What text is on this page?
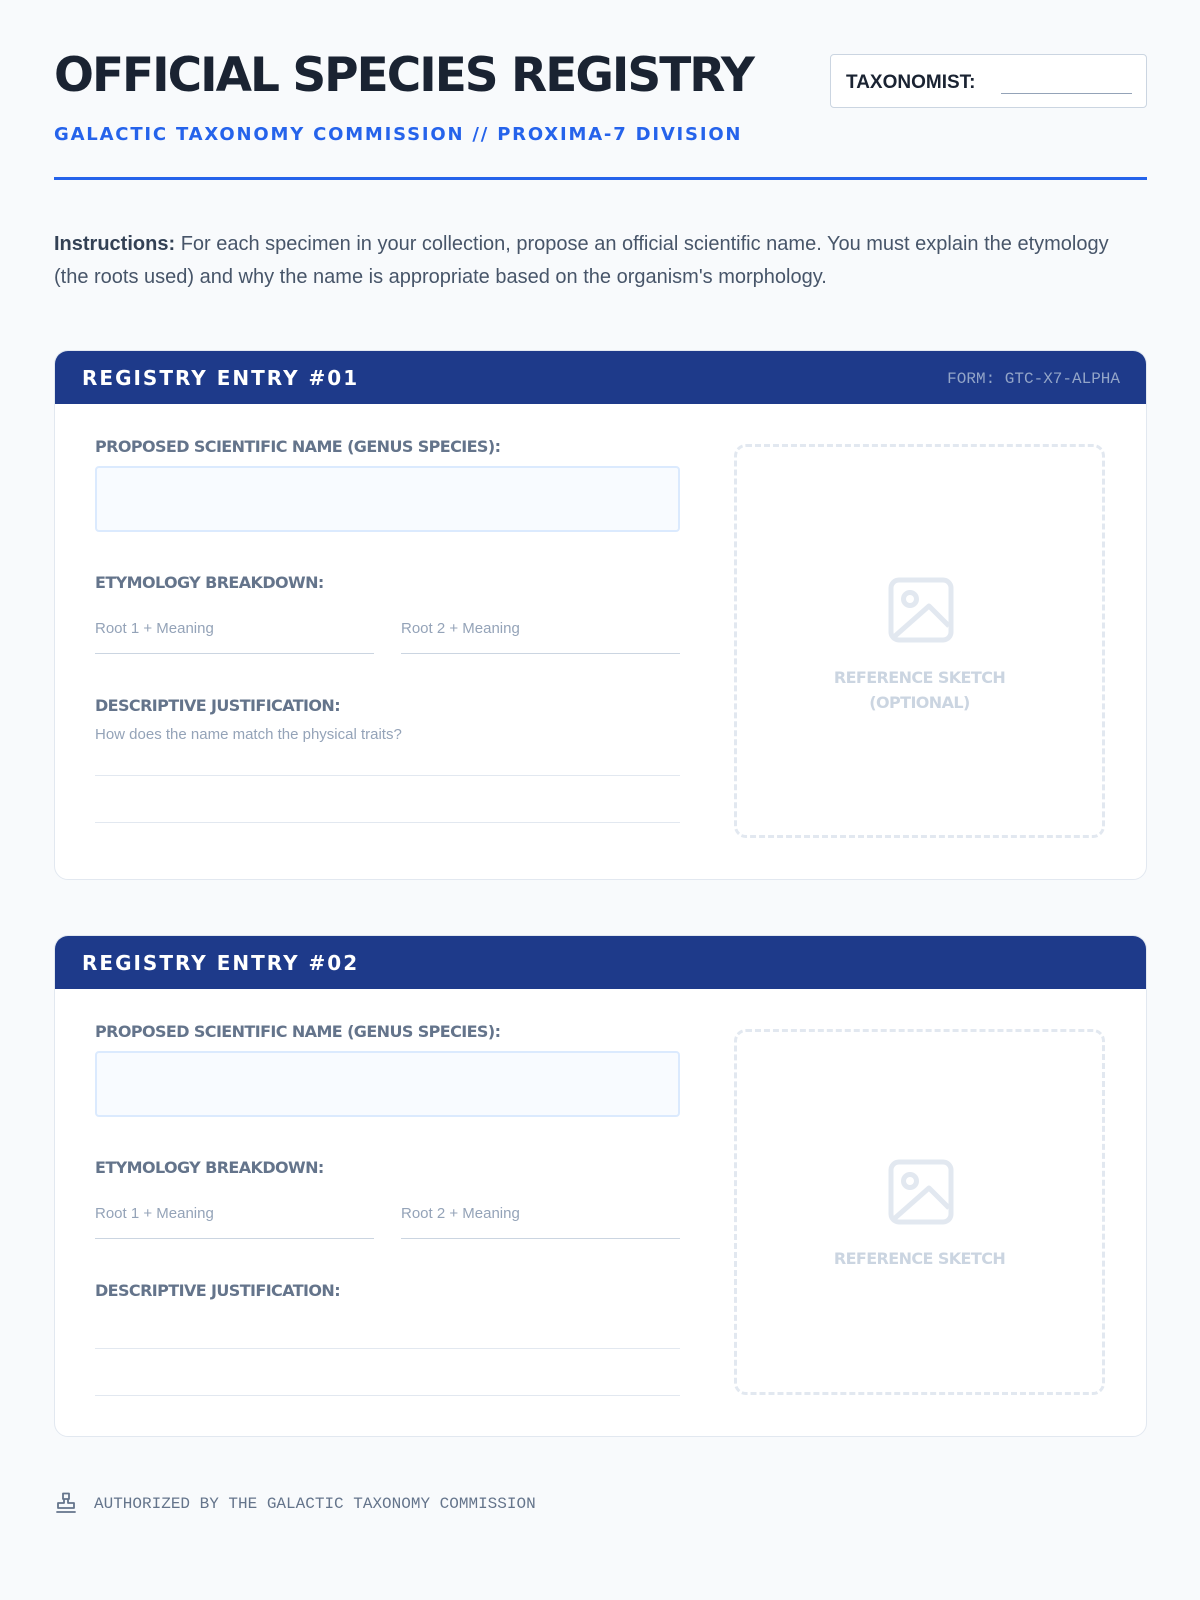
OFFICIAL SPECIES REGISTRY
GALACTIC TAXONOMY COMMISSION // PROXIMA-7 DIVISION
TAXONOMIST:

Instructions: For each specimen in your collection, propose an official scientific name. You must explain the etymology (the roots used) and why the name is appropriate based on the organism's morphology.

REGISTRY ENTRY #01	FORM: GTC-X7-ALPHA
PROPOSED SCIENTIFIC NAME (GENUS SPECIES):
ETYMOLOGY BREAKDOWN:
Root 1 + Meaning	Root 2 + Meaning
DESCRIPTIVE JUSTIFICATION:
How does the name match the physical traits?
REFERENCE SKETCH
(OPTIONAL)
REGISTRY ENTRY #02
PROPOSED SCIENTIFIC NAME (GENUS SPECIES):
ETYMOLOGY BREAKDOWN:
Root 1 + Meaning	Root 2 + Meaning
DESCRIPTIVE JUSTIFICATION:
REFERENCE SKETCH
AUTHORIZED BY THE GALACTIC TAXONOMY COMMISSION
